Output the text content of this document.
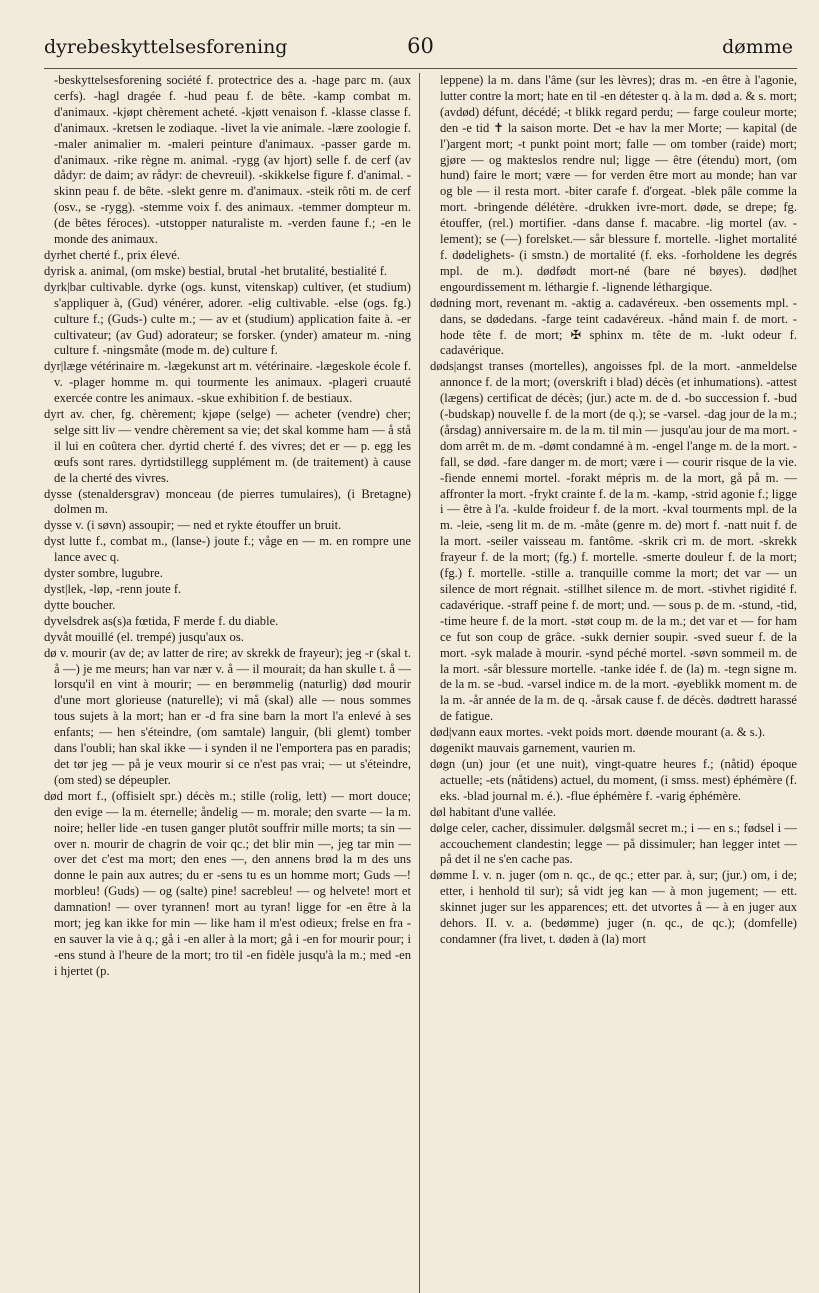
dyrebeskyttelsesforening	60	dømme

-beskyttelsesforening société f. protectrice des a. -hage parc m. (aux cerfs). -hagl dragée f. -hud peau f. de bête. -kamp combat m. d'animaux. -kjøpt chèrement acheté. -kjøtt venaison f. -klasse classe f. d'animaux. -kretsen le zodiaque. -livet la vie animale. -lære zoologie f. -maler animalier m. -maleri peinture d'animaux. -passer garde m. d'animaux. -rike règne m. animal. -rygg (av hjort) selle f. de cerf (av dådyr: de daim; av rådyr: de chevreuil). -skikkelse figure f. d'animal. -skinn peau f. de bête. -slekt genre m. d'animaux. -steik rôti m. de cerf (osv., se -rygg). -stemme voix f. des animaux. -temmer dompteur m. (de bêtes féroces). -utstopper naturaliste m. -verden faune f.; -en le monde des animaux.

dyrhet cherté f., prix élevé.

dyrisk a. animal, (om mske) bestial, brutal -het brutalité, bestialité f.

dyrk|bar cultivable. dyrke (ogs. kunst, vitenskap) cultiver, (et studium) s'appliquer à, (Gud) vénérer, adorer. -elig cultivable. -else (ogs. fg.) culture f.; (Guds-) culte m.; — av et (studium) application faite à. -er cultivateur; (av Gud) adorateur; se forsker. (ynder) amateur m. -ning culture f. -ningsmåte (mode m. de) culture f.

dyr|læge vétérinaire m. -lægekunst art m. vétérinaire. -lægeskole école f. v. -plager homme m. qui tourmente les animaux. -plageri cruauté exercée contre les animaux. -skue exhibition f. de bestiaux.

dyrt av. cher, fg. chèrement; kjøpe (selge) — acheter (vendre) cher; selge sitt liv — vendre chèrement sa vie; det skal komme ham — å stå il lui en coûtera cher. dyrtid cherté f. des vivres; det er — p. egg les œufs sont rares. dyrtidstillegg supplément m. (de traitement) à cause de la cherté des vivres.

dysse (stenaldersgrav) monceau (de pierres tumulaires), (i Bretagne) dolmen m.

dysse v. (i søvn) assoupir; — ned et rykte étouffer un bruit.

dyst lutte f., combat m., (lanse-) joute f.; våge en — m. en rompre une lance avec q.

dyster sombre, lugubre.

dyst|lek, -løp, -renn joute f.

dytte boucher.

dyvelsdrek as(s)a fœtida, F merde f. du diable.

dyvåt mouillé (el. trempé) jusqu'aux os.

dø v. mourir (av de; av latter de rire; av skrekk de frayeur); jeg -r (skal t. å —) je me meurs; han var nær v. å — il mourait; da han skulle t. å — lorsqu'il en vint à mourir; — en berømmelig (naturlig) død mourir d'une mort glorieuse (naturelle); vi må (skal) alle — nous sommes tous sujets à la mort; han er -d fra sine barn la mort l'a enlevé à ses enfants; — hen s'éteindre, (om samtale) languir, (bli glemt) tomber dans l'oubli; han skal ikke — i synden il ne l'emportera pas en paradis; det tør jeg — på je veux mourir si ce n'est pas vrai; — ut s'éteindre, (om sted) se dépeupler.

død mort f., (offisielt spr.) décès m.; stille (rolig, lett) — mort douce; den evige — la m. éternelle; åndelig — m. morale; den svarte — la m. noire; heller lide -en tusen ganger plutôt souffrir mille morts; ta sin — over n. mourir de chagrin de voir qc.; det blir min —, jeg tar min — over det c'est ma mort; den enes —, den annens brød la m des uns donne le pain aux autres; du er -sens tu es un homme mort; Guds —! morbleu! (Guds) — og (salte) pine! sacrebleu! — og helvete! mort et damnation! — over tyrannen! mort au tyran! ligge for -en être à la mort; jeg kan ikke for min — like ham il m'est odieux; frelse en fra -en sauver la vie à q.; gå i -en aller à la mort; gå i -en for mourir pour; i -ens stund à l'heure de la mort; tro til -en fidèle jusqu'à la m.; med -en i hjertet (p.

leppene) la m. dans l'âme (sur les lèvres); dras m. -en être à l'agonie, lutter contre la mort; hate en til -en détester q. à la m. død a. & s. mort; (avdød) défunt, décédé; -t blikk regard perdu; — farge couleur morte; den -e tid ✝ la saison morte. Det -e hav la mer Morte; — kapital (de l')argent mort; -t punkt point mort; falle — om tomber (raide) mort; gjøre — og makteslos rendre nul; ligge — être (étendu) mort, (om hund) faire le mort; være — for verden être mort au monde; han var og ble — il resta mort. -biter carafe f. d'orgeat. -blek pâle comme la mort. -bringende délétère. -drukken ivre-mort. døde, se drepe; fg. étouffer, (rel.) mortifier. -dans danse f. macabre. -lig mortel (av. -lement); se (—) forelsket.— sår blessure f. mortelle. -lighet mortalité f. dødelighets- (i smstn.) de mortalité (f. eks. -forholdene les degrés mpl. de m.). dødfødt mort-né (bare né bøyes). død|het engourdissement m. léthargie f. -lignende léthargique.

dødning mort, revenant m. -aktig a. cadavéreux. -ben ossements mpl. -dans, se dødedans. -farge teint cadavéreux. -hånd main f. de mort. -hode tête f. de mort; ✠ sphinx m. tête de m. -lukt odeur f. cadavérique.

døds|angst transes (mortelles), angoisses fpl. de la mort. -anmeldelse annonce f. de la mort; (overskrift i blad) décès (et inhumations). -attest (lægens) certificat de décès; (jur.) acte m. de d. -bo succession f. -bud (-budskap) nouvelle f. de la mort (de q.); se -varsel. -dag jour de la m.; (årsdag) anniversaire m. de la m. til min — jusqu'au jour de ma mort. -dom arrêt m. de m. -dømt condamné à m. -engel l'ange m. de la mort. -fall, se død. -fare danger m. de mort; være i — courir risque de la vie. -fiende ennemi mortel. -forakt mépris m. de la mort, gå på m. — affronter la mort. -frykt crainte f. de la m. -kamp, -strid agonie f.; ligge i — être à l'a. -kulde froideur f. de la mort. -kval tourments mpl. de la m. -leie, -seng lit m. de m. -måte (genre m. de) mort f. -natt nuit f. de la mort. -seiler vaisseau m. fantôme. -skrik cri m. de mort. -skrekk frayeur f. de la mort; (fg.) f. mortelle. -smerte douleur f. de la mort; (fg.) f. mortelle. -stille a. tranquille comme la mort; det var — un silence de mort régnait. -stillhet silence m. de mort. -stivhet rigidité f. cadavérique. -straff peine f. de mort; und. — sous p. de m. -stund, -tid, -time heure f. de la mort. -støt coup m. de la m.; det var et — for ham ce fut son coup de grâce. -sukk dernier soupir. -sved sueur f. de la mort. -syk malade à mourir. -synd péché mortel. -søvn sommeil m. de la mort. -sår blessure mortelle. -tanke idée f. de (la) m. -tegn signe m. de la m. se -bud. -varsel indice m. de la mort. -øyeblikk moment m. de la m. -år année de la m. de q. -årsak cause f. de décès. dødtrett harassé de fatigue.

død|vann eaux mortes. -vekt poids mort. døende mourant (a. & s.).

døgenikt mauvais garnement, vaurien m.

døgn (un) jour (et une nuit), vingt-quatre heures f.; (nåtid) époque actuelle; -ets (nåtidens) actuel, du moment, (i smss. mest) éphémère (f. eks. -blad journal m. é.). -flue éphémère f. -varig éphémère.

døl habitant d'une vallée.

dølge celer, cacher, dissimuler. dølgsmål secret m.; i — en s.; fødsel i — accouchement clandestin; legge — på dissimuler; han legger intet — på det il ne s'en cache pas.

dømme I. v. n. juger (om n. qc., de qc.; etter par. à, sur; (jur.) om, i de; etter, i henhold til sur); så vidt jeg kan — à mon jugement; — ett. skinnet juger sur les apparences; ett. det utvortes å — à en juger aux dehors. II. v. a. (bedømme) juger (n. qc., de qc.); (domfelle) condamner (fra livet, t. døden à (la) mort
